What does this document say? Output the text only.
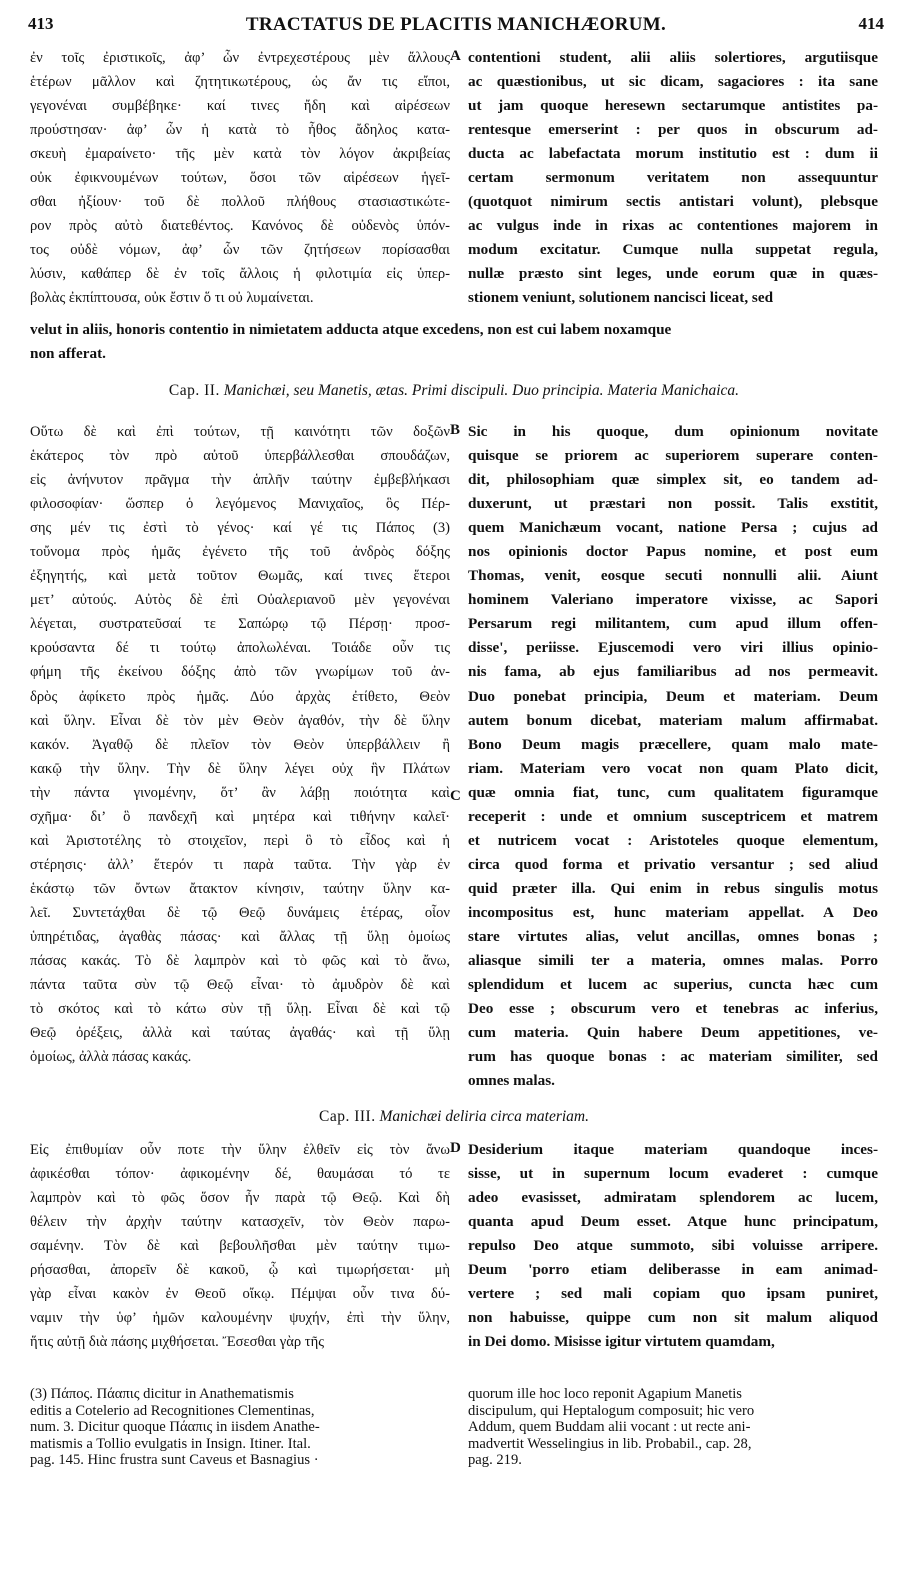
413	TRACTATUS DE PLACITIS MANICHÆORUM.	414
ἐν τοῖς ἐριστικοῖς, ἀφ’ ὧν ἐντρεχεστέρους μὲν ἄλλους
ἑτέρων μᾶλλον καὶ ζητητικωτέρους, ὡς ἄν τις εἴποι,
γεγονέναι συμβέβηκε· καί τινες ἤδη καὶ αἱρέσεων
προύστησαν· ἀφ’ ὧν ἡ κατὰ τὸ ἦθος ἄδηλος κατα-
σκευὴ ἐμαραίνετο· τῆς μὲν κατὰ τὸν λόγον ἀκριβείας
οὐκ ἐφικνουμένων τούτων, ὅσοι τῶν αἱρέσεων ἡγεῖ-
σθαι ἠξίουν· τοῦ δὲ πολλοῦ πλήθους στασιαστικώτε-
ρον πρὸς αὐτὸ διατεθέντος. Κανόνος δὲ οὐδενὸς ὑπόν-
τος οὐδὲ νόμων, ἀφ’ ὧν τῶν ζητήσεων πορίσασθαι
λύσιν, καθάπερ δὲ ἐν τοῖς ἄλλοις ἡ φιλοτιμία εἰς ὑπερ-
βολὰς ἐκπίπτουσα, οὐκ ἔστιν ὅ τι οὐ λυμαίνεται.
contentioni student, alii aliis solertiores, argutiisque
ac quæstionibus, ut sic dicam, sagaciores : ita sane
ut jam quoque heresewn sectarumque antistites pa-
rentesque emerserint : per quos in obscurum ad-
ducta ac labefactata morum institutio est : dum ii
certam sermonum veritatem non assequuntur
(quotquot nimirum sectis antistari volunt), plebsque
ac vulgus inde in rixas ac contentiones majorem in
modum excitatur. Cumque nulla suppetat regula,
nullæ præsto sint leges, unde eorum quæ in quæs-
stionem veniunt, solutionem nancisci liceat, sed
A
velut in aliis, honoris contentio in nimietatem adducta atque excedens, non est cui labem noxamque
non afferat.
Cap. II. Manichæi, seu Manetis, ætas. Primi discipuli. Duo principia. Materia Manichaica.
Οὕτω δὲ καὶ ἐπὶ τούτων, τῇ καινότητι τῶν δοξῶν
ἑκάτερος τὸν πρὸ αὐτοῦ ὑπερβάλλεσθαι σπουδάζων,
εἰς ἀνήνυτον πρᾶγμα τὴν ἁπλῆν ταύτην ἐμβεβλήκασι
φιλοσοφίαν· ὥσπερ ὁ λεγόμενος Μανιχαῖος, ὃς Πέρ-
σης μέν τις ἐστὶ τὸ γένος· καί γέ τις Πάπος (3)
τοὔνομα πρὸς ἡμᾶς ἐγένετο τῆς τοῦ ἀνδρὸς δόξης
ἐξηγητής, καὶ μετὰ τοῦτον Θωμᾶς, καί τινες ἕτεροι
μετ’ αὐτούς. Αὐτὸς δὲ ἐπὶ Οὐαλεριανοῦ μὲν γεγονέναι
λέγεται, συστρατεῦσαί τε Σαπώρῳ τῷ Πέρσῃ· προσ-
κρούσαντα δέ τι τούτῳ ἀπολωλέναι. Τοιάδε οὖν τις
φήμη τῆς ἐκείνου δόξης ἀπὸ τῶν γνωρίμων τοῦ ἀν-
δρὸς ἀφίκετο πρὸς ἡμᾶς. Δύο ἀρχὰς ἐτίθετο, Θεὸν
καὶ ὕλην. Εἶναι δὲ τὸν μὲν Θεὸν ἀγαθόν, τὴν δὲ ὕλην
κακόν. Ἀγαθῷ δὲ πλεῖον τὸν Θεὸν ὑπερβάλλειν ἢ
κακῷ τὴν ὕλην. Τὴν δὲ ὕλην λέγει οὐχ ἣν Πλάτων
τὴν πάντα γινομένην, ὅτ’ ἂν λάβῃ ποιότητα καὶ
σχῆμα· δι’ ὃ πανδεχῆ καὶ μητέρα καὶ τιθήνην καλεῖ·
καὶ Ἀριστοτέλης τὸ στοιχεῖον, περὶ ὃ τὸ εἶδος καὶ ἡ
στέρησις· ἀλλ’ ἕτερόν τι παρὰ ταῦτα. Τὴν γὰρ ἐν
ἑκάστῳ τῶν ὄντων ἄτακτον κίνησιν, ταύτην ὕλην κα-
λεῖ. Συντετάχθαι δὲ τῷ Θεῷ δυνάμεις ἑτέρας, οἷον
ὑπηρέτιδας, ἀγαθὰς πάσας· καὶ ἄλλας τῇ ὕλῃ ὁμοίως
πάσας κακάς. Τὸ δὲ λαμπρὸν καὶ τὸ φῶς καὶ τὸ ἄνω,
πάντα ταῦτα σὺν τῷ Θεῷ εἶναι· τὸ ἀμυδρὸν δὲ καὶ
τὸ σκότος καὶ τὸ κάτω σὺν τῇ ὕλῃ. Εἶναι δὲ καὶ τῷ
Θεῷ ὀρέξεις, ἀλλὰ καὶ ταύτας ἀγαθάς· καὶ τῇ ὕλῃ
ὁμοίως, ἀλλὰ πάσας κακάς.
Sic in his quoque, dum opinionum novitate
quisque se priorem ac superiorem superare conten-
dit, philosophiam quæ simplex sit, eo tandem ad-
duxerunt, ut præstari non possit. Talis exstitit,
quem Manichæum vocant, natione Persa ; cujus ad
nos opinionis doctor Papus nomine, et post eum
Thomas, venit, eosque secuti nonnulli alii. Aiunt
hominem Valeriano imperatore vixisse, ac Sapori
Persarum regi militantem, cum apud illum offen-
disse', periisse. Ejuscemodi vero viri illius opinio-
nis fama, ab ejus familiaribus ad nos permeavit.
Duo ponebat principia, Deum et materiam. Deum
autem bonum dicebat, materiam malum affirmabat.
Bono Deum magis præcellere, quam malo mate-
riam. Materiam vero vocat non quam Plato dicit,
quæ omnia fiat, tunc, cum qualitatem figuramque
receperit : unde et omnium susceptricem et matrem
et nutricem vocat : Aristoteles quoque elementum,
circa quod forma et privatio versantur ; sed aliud
quid præter illa. Qui enim in rebus singulis motus
incompositus est, hunc materiam appellat. A Deo
stare virtutes alias, velut ancillas, omnes bonas ;
aliasque simili ter a materia, omnes malas. Porro
splendidum et lucem ac superius, cuncta hæc cum
Deo esse ; obscurum vero et tenebras ac inferius,
cum materia. Quin habere Deum appetitiones, ve-
rum has quoque bonas : ac materiam similiter, sed
omnes malas.
B
C
Cap. III. Manichæi deliria circa materiam.
Εἰς ἐπιθυμίαν οὖν ποτε τὴν ὕλην ἐλθεῖν εἰς τὸν ἄνω
ἀφικέσθαι τόπον· ἀφικομένην δέ, θαυμάσαι τό τε
λαμπρὸν καὶ τὸ φῶς ὅσον ἦν παρὰ τῷ Θεῷ. Καὶ δὴ
θέλειν τὴν ἀρχὴν ταύτην κατασχεῖν, τὸν Θεὸν παρω-
σαμένην. Τὸν δὲ καὶ βεβουλῆσθαι μὲν ταύτην τιμω-
ρήσασθαι, ἀπορεῖν δὲ κακοῦ, ᾧ καὶ τιμωρήσεται· μὴ
γὰρ εἶναι κακὸν ἐν Θεοῦ οἴκῳ. Πέμψαι οὖν τινα δύ-
ναμιν τὴν ὑφ’ ἡμῶν καλουμένην ψυχήν, ἐπὶ τὴν ὕλην,
ἥτις αὐτῇ διὰ πάσης μιχθήσεται. Ἔσεσθαι γὰρ τῆς
Desiderium itaque materiam quandoque inces-
sisse, ut in supernum locum evaderet : cumque
adeo evasisset, admiratam splendorem ac lucem,
quanta apud Deum esset. Atque hunc principatum,
repulso Deo atque summoto, sibi voluisse arripere.
Deum 'porro etiam deliberasse in eam animad-
vertere ; sed mali copiam quo ipsam puniret,
non habuisse, quippe cum non sit malum aliquod
in Dei domo. Misisse igitur virtutem quamdam,
D
(3) Πάπος. Πάαπις dicitur in Anathematismis
editis a Cotelerio ad Recognitiones Clementinas,
num. 3. Dicitur quoque Πάαπις in iisdem Anathe-
matismis a Tollio evulgatis in Insign. Itiner. Ital.
pag. 145. Hinc frustra sunt Caveus et Basnagius ·
quorum ille hoc loco reponit Agapium Manetis
discipulum, qui Heptalogum composuit; hic vero
Addum, quem Buddam alii vocant : ut recte ani-
madvertit Wesselingius in lib. Probabil., cap. 28,
pag. 219.
